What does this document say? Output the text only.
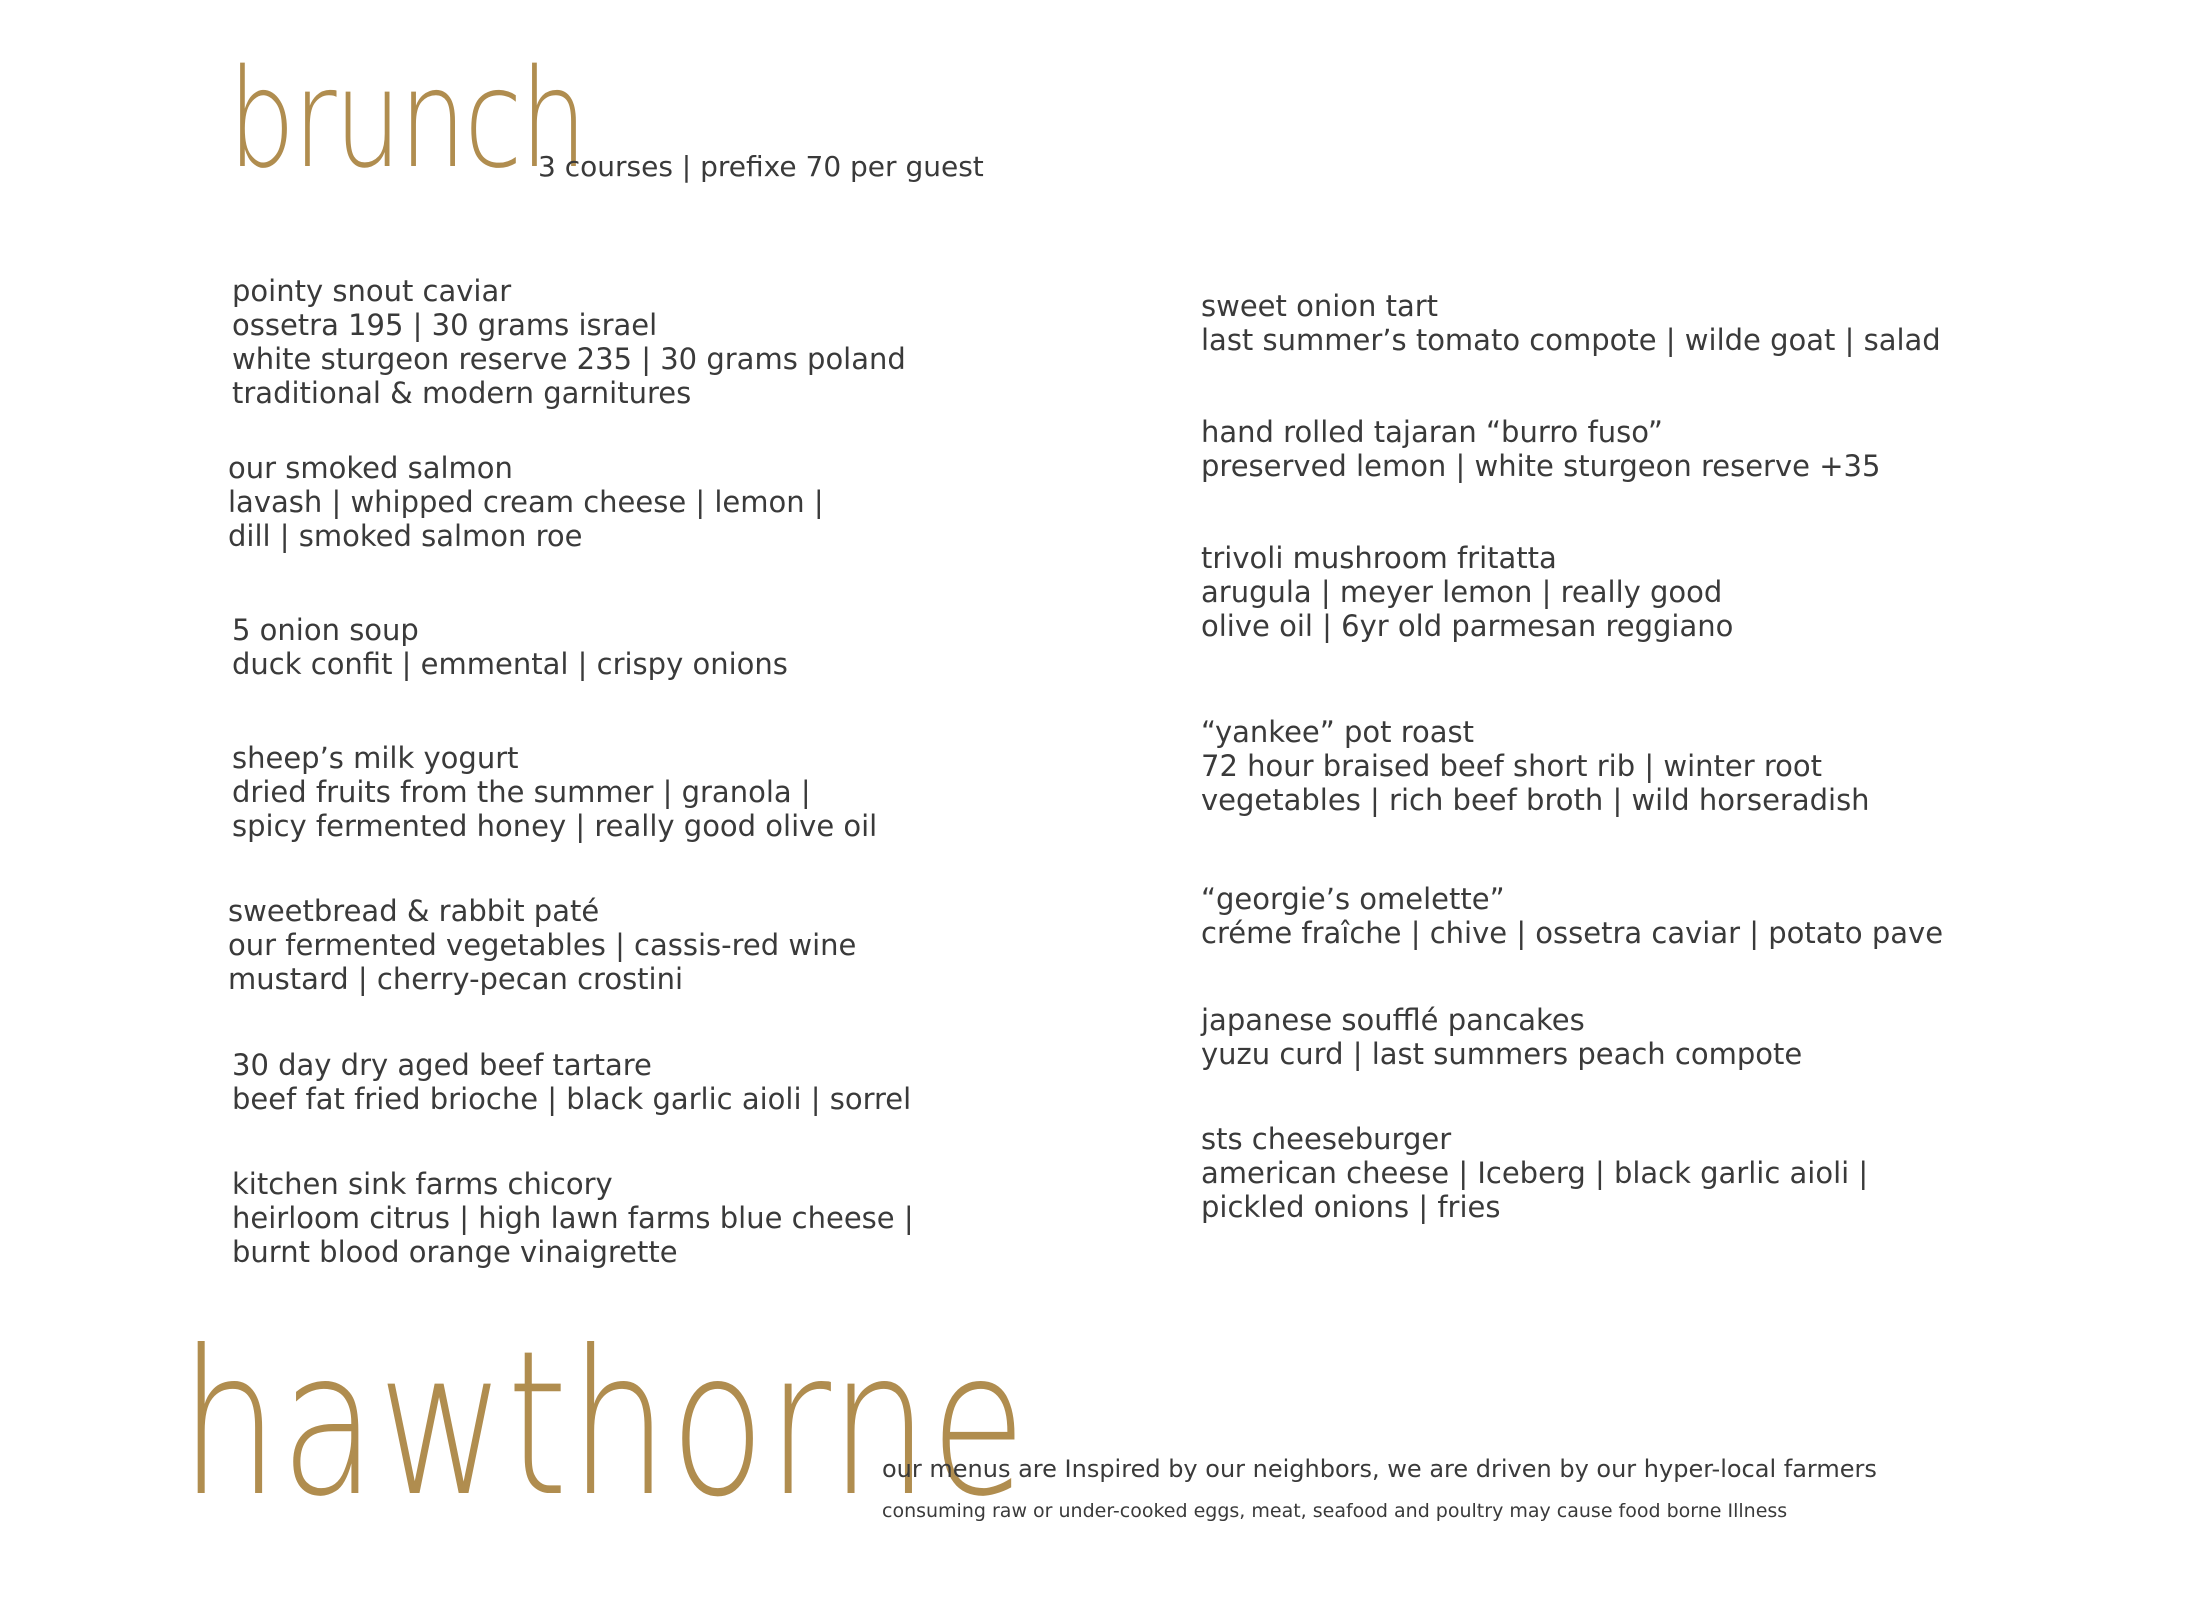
brunch
3 courses | prefixe 70 per guest
pointy snout caviar
ossetra 195 | 30 grams israel
white sturgeon reserve 235 | 30 grams poland
traditional & modern garnitures
our smoked salmon
lavash | whipped cream cheese | lemon |
dill | smoked salmon roe
5 onion soup
duck confit | emmental | crispy onions
sheep’s milk yogurt
dried fruits from the summer | granola |
spicy fermented honey | really good olive oil
sweetbread & rabbit paté
our fermented vegetables | cassis-red wine
mustard | cherry-pecan crostini
30 day dry aged beef tartare
beef fat fried brioche | black garlic aioli | sorrel
kitchen sink farms chicory
heirloom citrus | high lawn farms blue cheese |
burnt blood orange vinaigrette
sweet onion tart
last summer’s tomato compote | wilde goat | salad
hand rolled tajaran “burro fuso”
preserved lemon | white sturgeon reserve +35
trivoli mushroom fritatta
arugula | meyer lemon | really good
olive oil | 6yr old parmesan reggiano
“yankee” pot roast
72 hour braised beef short rib | winter root
vegetables | rich beef broth | wild horseradish
“georgie’s omelette”
créme fraîche | chive | ossetra caviar | potato pave
japanese soufflé pancakes
yuzu curd | last summers peach compote
sts cheeseburger
american cheese | Iceberg | black garlic aioli |
pickled onions | fries
hawthorne
our menus are Inspired by our neighbors, we are driven by our hyper-local farmers
consuming raw or under-cooked eggs, meat, seafood and poultry may cause food borne Illness
